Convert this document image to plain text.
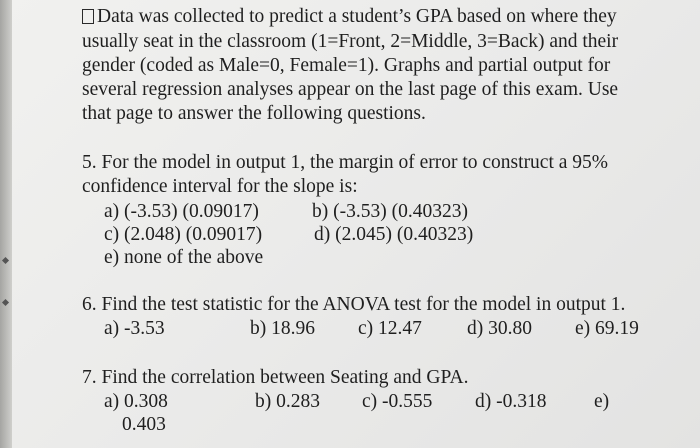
Data was collected to predict a student’s GPA based on where they
usually seat in the classroom (1=Front, 2=Middle, 3=Back) and their
gender (coded as Male=0, Female=1). Graphs and partial output for
several regression analyses appear on the last page of this exam. Use
that page to answer the following questions.
5. For the model in output 1, the margin of error to construct a 95%
confidence interval for the slope is:
a) (-3.53) (0.09017)	b) (-3.53) (0.40323)
c) (2.048) (0.09017)	d) (2.045) (0.40323)
e) none of the above
6. Find the test statistic for the ANOVA test for the model in output 1.
a) -3.53	b) 18.96 c) 12.47 d) 30.80 e) 69.19
7. Find the correlation between Seating and GPA.
a) 0.308	b) 0.283 c) -0.555 d) -0.318 e)
0.403
